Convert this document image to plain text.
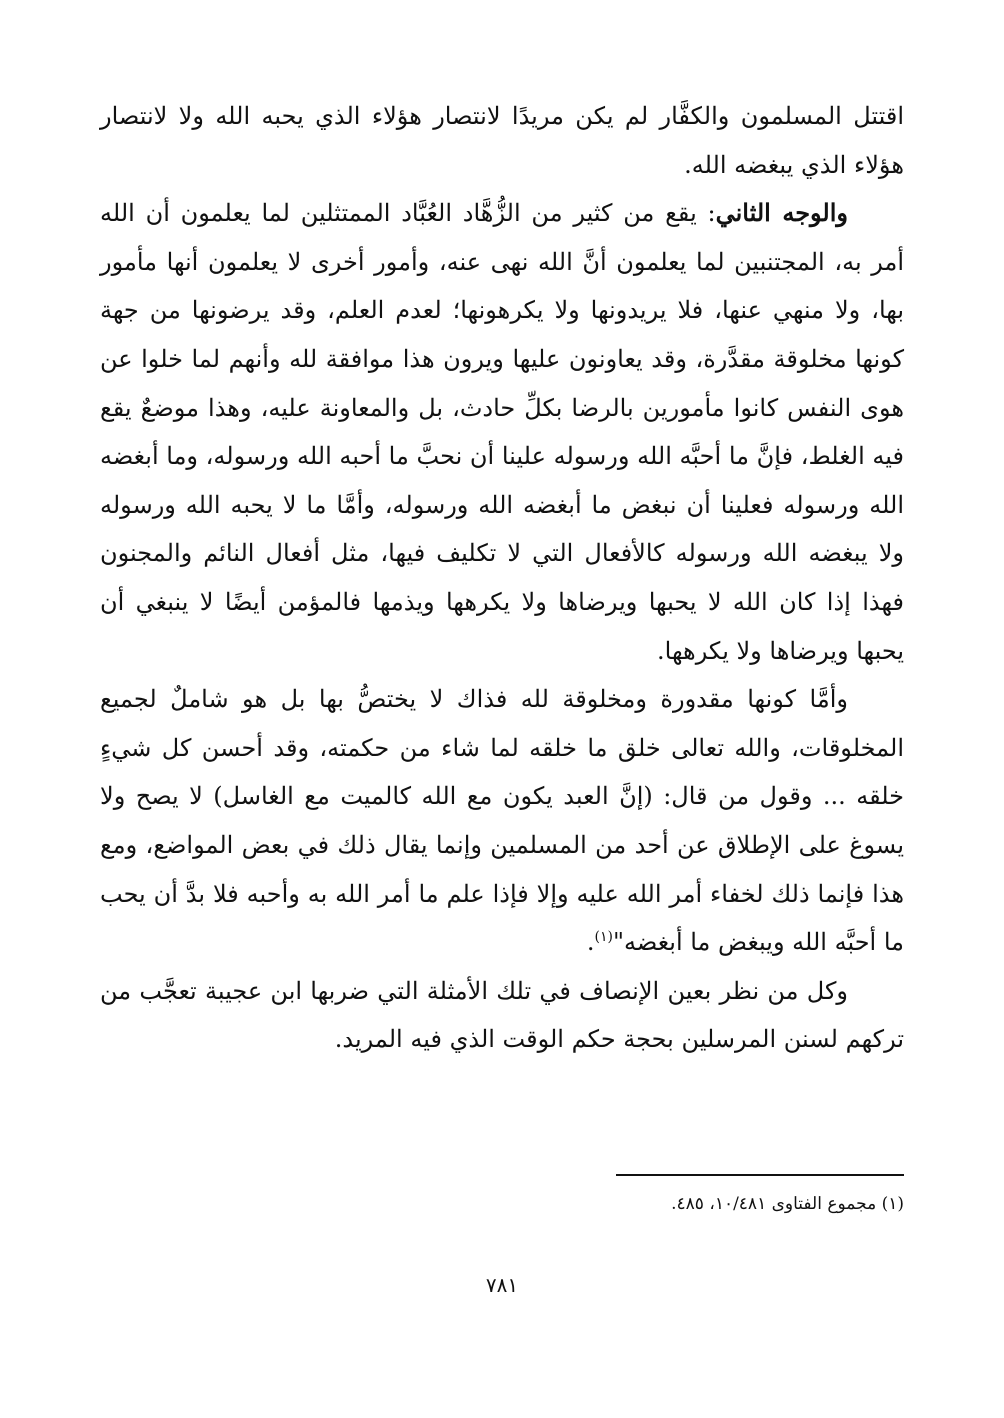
اقتتل المسلمون والكفَّار لم يكن مريدًا لانتصار هؤلاء الذي يحبه الله ولا لانتصار هؤلاء الذي يبغضه الله.

والوجه الثاني: يقع من كثير من الزُّهَّاد العُبَّاد الممتثلين لما يعلمون أن الله أمر به، المجتنبين لما يعلمون أنَّ الله نهى عنه، وأمور أخرى لا يعلمون أنها مأمور بها، ولا منهي عنها، فلا يريدونها ولا يكرهونها؛ لعدم العلم، وقد يرضونها من جهة كونها مخلوقة مقدَّرة، وقد يعاونون عليها ويرون هذا موافقة لله وأنهم لما خلوا عن هوى النفس كانوا مأمورين بالرضا بكلِّ حادث، بل والمعاونة عليه، وهذا موضعٌ يقع فيه الغلط، فإنَّ ما أحبَّه الله ورسوله علينا أن نحبَّ ما أحبه الله ورسوله، وما أبغضه الله ورسوله فعلينا أن نبغض ما أبغضه الله ورسوله، وأمَّا ما لا يحبه الله ورسوله ولا يبغضه الله ورسوله كالأفعال التي لا تكليف فيها، مثل أفعال النائم والمجنون فهذا إذا كان الله لا يحبها ويرضاها ولا يكرهها ويذمها فالمؤمن أيضًا لا ينبغي أن يحبها ويرضاها ولا يكرهها.

وأمَّا كونها مقدورة ومخلوقة لله فذاك لا يختصُّ بها بل هو شاملٌ لجميع المخلوقات، والله تعالى خلق ما خلقه لما شاء من حكمته، وقد أحسن كل شيءٍ خلقه ... وقول من قال: (إنَّ العبد يكون مع الله كالميت مع الغاسل) لا يصح ولا يسوغ على الإطلاق عن أحد من المسلمين وإنما يقال ذلك في بعض المواضع، ومع هذا فإنما ذلك لخفاء أمر الله عليه وإلا فإذا علم ما أمر الله به وأحبه فلا بدَّ أن يحب ما أحبَّه الله ويبغض ما أبغضه"$^{(١)}$.

وكل من نظر بعين الإنصاف في تلك الأمثلة التي ضربها ابن عجيبة تعجَّب من تركهم لسنن المرسلين بحجة حكم الوقت الذي فيه المريد.

(١) مجموع الفتاوى ١٠/٤٨١، ٤٨٥.
٧٨١
